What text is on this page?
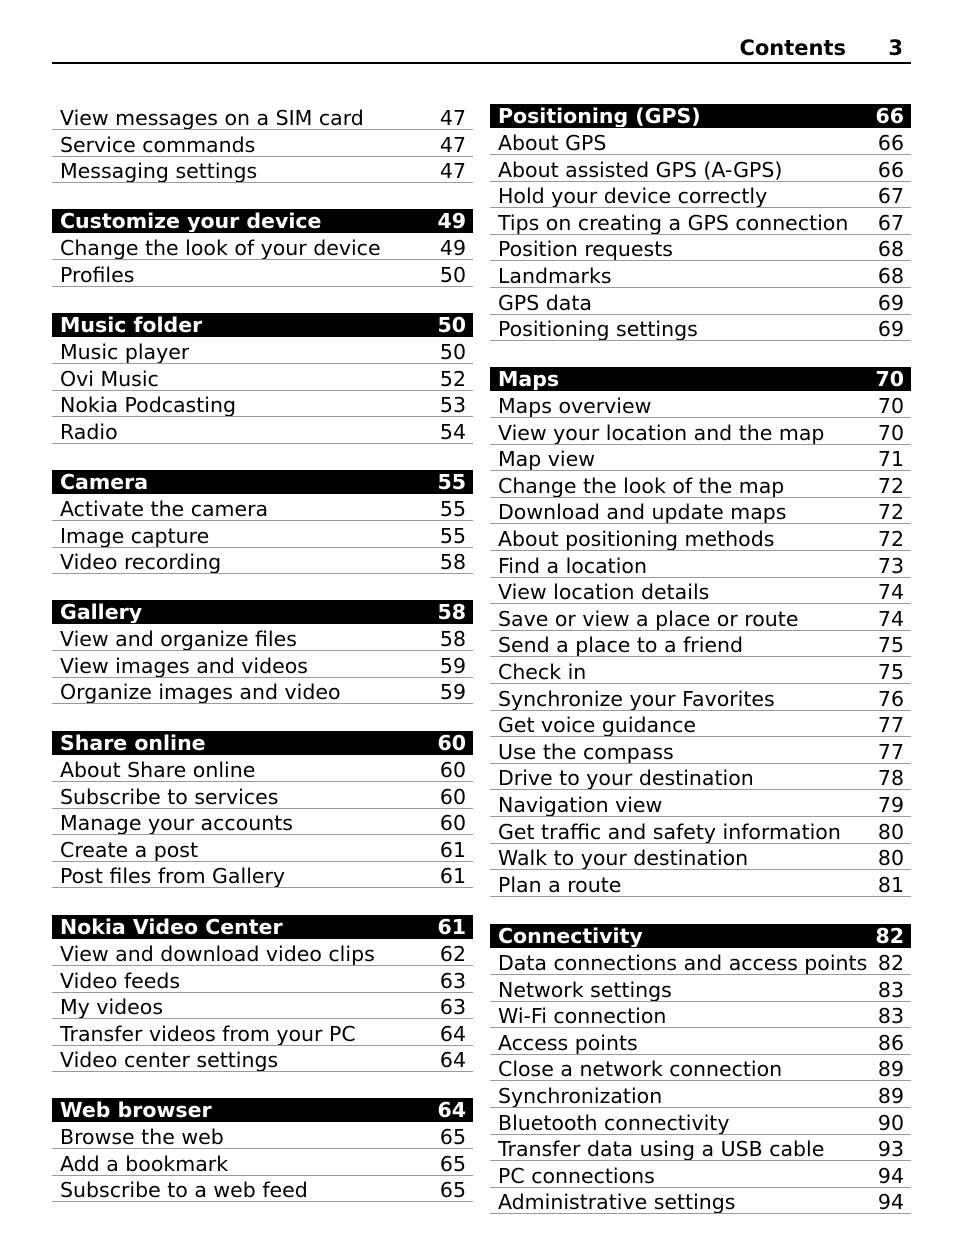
Contents 3
View messages on a SIM card	47
Service commands	47
Messaging settings	47
Customize your device	49
Change the look of your device	49
Profiles	50
Music folder	50
Music player	50
Ovi Music	52
Nokia Podcasting	53
Radio	54
Camera	55
Activate the camera	55
Image capture	55
Video recording	58
Gallery	58
View and organize files	58
View images and videos	59
Organize images and video	59
Share online	60
About Share online	60
Subscribe to services	60
Manage your accounts	60
Create a post	61
Post files from Gallery	61
Nokia Video Center	61
View and download video clips	62
Video feeds	63
My videos	63
Transfer videos from your PC	64
Video center settings	64
Web browser	64
Browse the web	65
Add a bookmark	65
Subscribe to a web feed	65
Positioning (GPS)	66
About GPS	66
About assisted GPS (A-GPS)	66
Hold your device correctly	67
Tips on creating a GPS connection 67
Position requests	68
Landmarks	68
GPS data	69
Positioning settings	69
Maps	70
Maps overview	70
View your location and the map	70
Map view	71
Change the look of the map	72
Download and update maps	72
About positioning methods	72
Find a location	73
View location details	74
Save or view a place or route	74
Send a place to a friend	75
Check in	75
Synchronize your Favorites	76
Get voice guidance	77
Use the compass	77
Drive to your destination	78
Navigation view	79
Get traffic and safety information 80
Walk to your destination	80
Plan a route	81
Connectivity	82
Data connections and access points 82
Network settings	83
Wi-Fi connection	83
Access points	86
Close a network connection	89
Synchronization	89
Bluetooth connectivity	90
Transfer data using a USB cable	93
PC connections	94
Administrative settings	94
